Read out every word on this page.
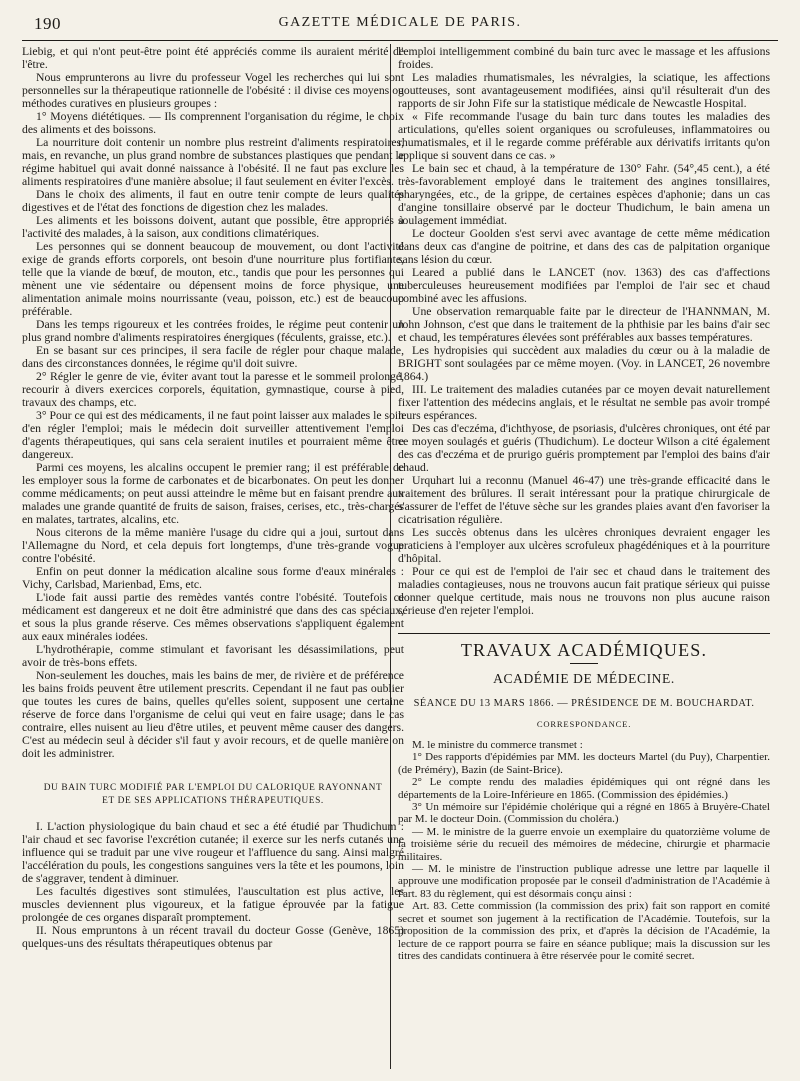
190	GAZETTE MÉDICALE DE PARIS.

Liebig, et qui n'ont peut-être point été appréciés comme ils auraient mérité de l'être.

Nous emprunterons au livre du professeur Vogel les recherches qui lui sont personnelles sur la thérapeutique rationnelle de l'obésité : il divise ces moyens ou méthodes curatives en plusieurs groupes :

1° Moyens diététiques. — Ils comprennent l'organisation du régime, le choix des aliments et des boissons.

La nourriture doit contenir un nombre plus restreint d'aliments respiratoires, mais, en revanche, un plus grand nombre de substances plastiques que pendant le régime habituel qui avait donné naissance à l'obésité. Il ne faut pas exclure les aliments respiratoires d'une manière absolue; il faut seulement en éviter l'excès.

Dans le choix des aliments, il faut en outre tenir compte de leurs qualités digestives et de l'état des fonctions de digestion chez les malades.

Les aliments et les boissons doivent, autant que possible, être appropriés à l'activité des malades, à la saison, aux conditions climatériques.

Les personnes qui se donnent beaucoup de mouvement, ou dont l'activité exige de grands efforts corporels, ont besoin d'une nourriture plus fortifiante, telle que la viande de bœuf, de mouton, etc., tandis que pour les personnes qui mènent une vie sédentaire ou dépensent moins de force physique, une alimentation animale moins nourrissante (veau, poisson, etc.) est de beaucoup préférable.

Dans les temps rigoureux et les contrées froides, le régime peut contenir un plus grand nombre d'aliments respiratoires énergiques (féculents, graisse, etc.).

En se basant sur ces principes, il sera facile de régler pour chaque malade, dans des circonstances données, le régime qu'il doit suivre.

2° Régler le genre de vie, éviter avant tout la paresse et le sommeil prolongé, recourir à divers exercices corporels, équitation, gymnastique, course à pied, travaux des champs, etc.

3° Pour ce qui est des médicaments, il ne faut point laisser aux malades le soin d'en régler l'emploi; mais le médecin doit surveiller attentivement l'emploi d'agents thérapeutiques, qui sans cela seraient inutiles et pourraient même être dangereux.

Parmi ces moyens, les alcalins occupent le premier rang; il est préférable de les employer sous la forme de carbonates et de bicarbonates. On peut les donner comme médicaments; on peut aussi atteindre le même but en faisant prendre aux malades une grande quantité de fruits de saison, fraises, cerises, etc., très-chargés en malates, tartrates, alcalins, etc.

Nous citerons de la même manière l'usage du cidre qui a joui, surtout dans l'Allemagne du Nord, et cela depuis fort longtemps, d'une très-grande vogue contre l'obésité.

Enfin on peut donner la médication alcaline sous forme d'eaux minérales : Vichy, Carlsbad, Marienbad, Ems, etc.

L'iode fait aussi partie des remèdes vantés contre l'obésité. Toutefois ce médicament est dangereux et ne doit être administré que dans des cas spéciaux, et sous la plus grande réserve. Ces mêmes observations s'appliquent également aux eaux minérales iodées.

L'hydrothérapie, comme stimulant et favorisant les désassimilations, peut avoir de très-bons effets.

Non-seulement les douches, mais les bains de mer, de rivière et de préférence les bains froids peuvent être utilement prescrits. Cependant il ne faut pas oublier que toutes les cures de bains, quelles qu'elles soient, supposent une certaine réserve de force dans l'organisme de celui qui veut en faire usage; dans le cas contraire, elles nuisent au lieu d'être utiles, et peuvent même causer des dangers. C'est au médecin seul à décider s'il faut y avoir recours, et de quelle manière on doit les administrer.

DU BAIN TURC MODIFIÉ PAR L'EMPLOI DU CALORIQUE RAYONNANT
ET DE SES APPLICATIONS THÉRAPEUTIQUES.

I. L'action physiologique du bain chaud et sec a été étudié par Thudichum : l'air chaud et sec favorise l'excrétion cutanée; il exerce sur les nerfs cutanés une influence qui se traduit par une vive rougeur et l'affluence du sang. Ainsi malgré l'accélération du pouls, les congestions sanguines vers la tête et les poumons, loin de s'aggraver, tendent à diminuer.

Les facultés digestives sont stimulées, l'auscultation est plus active, les muscles deviennent plus vigoureux, et la fatigue éprouvée par la fatigue prolongée de ces organes disparaît promptement.

II. Nous empruntons à un récent travail du docteur Gosse (Genève, 1865) quelques-uns des résultats thérapeutiques obtenus par

l'emploi intelligemment combiné du bain turc avec le massage et les affusions froides.

Les maladies rhumatismales, les névralgies, la sciatique, les affections goutteuses, sont avantageusement modifiées, ainsi qu'il résulterait d'un des rapports de sir John Fife sur la statistique médicale de Newcastle Hospital.

« Fife recommande l'usage du bain turc dans toutes les maladies des articulations, qu'elles soient organiques ou scrofuleuses, inflammatoires ou rhumatismales, et il le regarde comme préférable aux dérivatifs irritants qu'on applique si souvent dans ce cas. »

Le bain sec et chaud, à la température de 130° Fahr. (54°,45 cent.), a été très-favorablement employé dans le traitement des angines tonsillaires, pharyngées, etc., de la grippe, de certaines espèces d'aphonie; dans un cas d'angine tonsillaire observé par le docteur Thudichum, le bain amena un soulagement immédiat.

Le docteur Goolden s'est servi avec avantage de cette même médication dans deux cas d'angine de poitrine, et dans des cas de palpitation organique sans lésion du cœur.

Leared a publié dans le LANCET (nov. 1363) des cas d'affections tuberculeuses heureusement modifiées par l'emploi de l'air sec et chaud combiné avec les affusions.

Une observation remarquable faite par le directeur de l'HANNMAN, M. John Johnson, c'est que dans le traitement de la phthisie par les bains d'air sec et chaud, les températures élevées sont préférables aux basses températures.

Les hydropisies qui succèdent aux maladies du cœur ou à la maladie de BRIGHT sont soulagées par ce même moyen. (Voy. in LANCET, 26 novembre 1864.)

III. Le traitement des maladies cutanées par ce moyen devait naturellement fixer l'attention des médecins anglais, et le résultat ne semble pas avoir trompé leurs espérances.

Des cas d'eczéma, d'ichthyose, de psoriasis, d'ulcères chroniques, ont été par ce moyen soulagés et guéris (Thudichum). Le docteur Wilson a cité également des cas d'eczéma et de prurigo guéris promptement par l'emploi des bains d'air chaud.

Urquhart lui a reconnu (Manuel 46-47) une très-grande efficacité dans le traitement des brûlures. Il serait intéressant pour la pratique chirurgicale de s'assurer de l'effet de l'étuve sèche sur les grandes plaies avant d'en favoriser la cicatrisation régulière.

Les succès obtenus dans les ulcères chroniques devraient engager les praticiens à l'employer aux ulcères scrofuleux phagédéniques et à la pourriture d'hôpital.

Pour ce qui est de l'emploi de l'air sec et chaud dans le traitement des maladies contagieuses, nous ne trouvons aucun fait pratique sérieux qui puisse donner quelque certitude, mais nous ne trouvons non plus aucune raison sérieuse d'en rejeter l'emploi.

TRAVAUX ACADÉMIQUES.
ACADÉMIE DE MÉDECINE.
SÉANCE DU 13 MARS 1866. — PRÉSIDENCE DE M. BOUCHARDAT.
CORRESPONDANCE.

M. le ministre du commerce transmet :

1° Des rapports d'épidémies par MM. les docteurs Martel (du Puy), Charpentier. (de Préméry), Bazin (de Saint-Brice).

2° Le compte rendu des maladies épidémiques qui ont régné dans les départements de la Loire-Inférieure en 1865. (Commission des épidémies.)

3° Un mémoire sur l'épidémie cholérique qui a régné en 1865 à Bruyère-Chatel par M. le docteur Doin. (Commission du choléra.)

— M. le ministre de la guerre envoie un exemplaire du quatorzième volume de la troisième série du recueil des mémoires de médecine, chirurgie et pharmacie militaires.

— M. le ministre de l'instruction publique adresse une lettre par laquelle il approuve une modification proposée par le conseil d'administration de l'Académie à l'art. 83 du règlement, qui est désormais conçu ainsi :

Art. 83. Cette commission (la commission des prix) fait son rapport en comité secret et soumet son jugement à la rectification de l'Académie. Toutefois, sur la proposition de la commission des prix, et d'après la décision de l'Académie, la lecture de ce rapport pourra se faire en séance publique; mais la discussion sur les titres des candidats continuera à être réservée pour le comité secret.
